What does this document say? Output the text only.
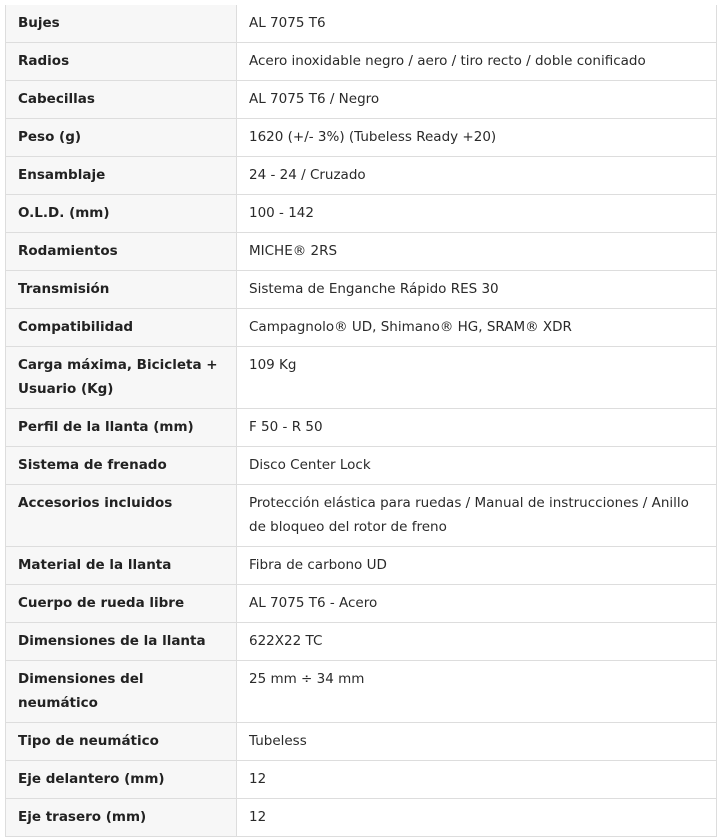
Bujes	AL 7075 T6
Radios	Acero inoxidable negro / aero / tiro recto / doble conificado
Cabecillas	AL 7075 T6 / Negro
Peso (g)	1620 (+/- 3%) (Tubeless Ready +20)
Ensamblaje	24 - 24 / Cruzado
O.L.D. (mm)	100 - 142
Rodamientos	MICHE® 2RS
Transmisión	Sistema de Enganche Rápido RES 30
Compatibilidad	Campagnolo® UD, Shimano® HG, SRAM® XDR
Carga máxima, Bicicleta + Usuario (Kg)	109 Kg
Perfil de la llanta (mm)	F 50 - R 50
Sistema de frenado	Disco Center Lock
Accesorios incluidos	Protección elástica para ruedas / Manual de instrucciones / Anillo de bloqueo del rotor de freno
Material de la llanta	Fibra de carbono UD
Cuerpo de rueda libre	AL 7075 T6 - Acero
Dimensiones de la llanta	622X22 TC
Dimensiones del neumático	25 mm ÷ 34 mm
Tipo de neumático	Tubeless
Eje delantero (mm)	12
Eje trasero (mm)	12
